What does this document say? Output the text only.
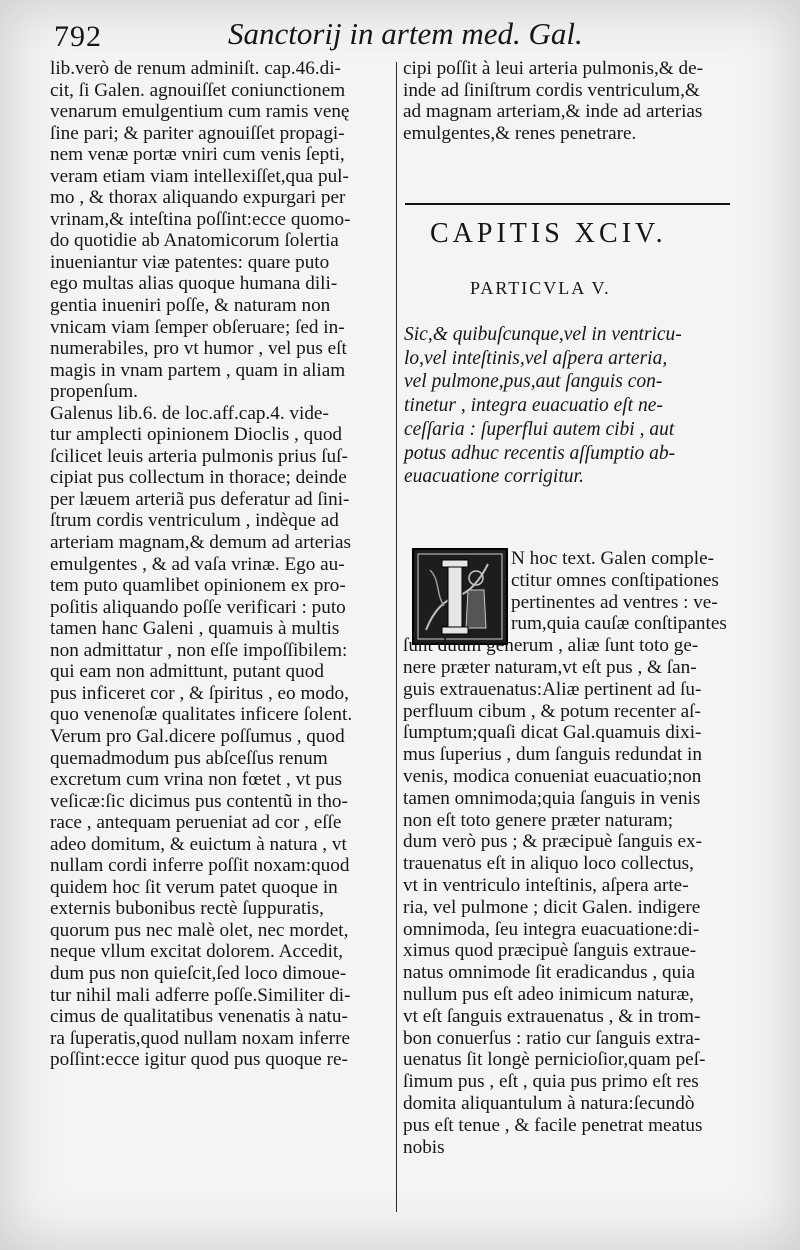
792	Sanctorij in artem med. Gal.
lib.verò de renum adminiſt. cap.46.di-
cit, ſi Galen. agnouiſſet coniunctionem
venarum emulgentium cum ramis venę
ſine pari; & pariter agnouiſſet propagi-
nem venæ portæ vniri cum venis ſepti,
veram etiam viam intellexiſſet,qua pul-
mo , & thorax aliquando expurgari per
vrinam,& inteſtina poſſint:ecce quomo-
do quotidie ab Anatomicorum ſolertia
inueniantur viæ patentes: quare puto
ego multas alias quoque humana dili-
gentia inueniri poſſe, & naturam non
vnicam viam ſemper obſeruare; ſed in-
numerabiles, pro vt humor , vel pus eſt
magis in vnam partem , quam in aliam
propenſum.
Galenus lib.6. de loc.aff.cap.4. vide-
tur amplecti opinionem Dioclis , quod
ſcilicet leuis arteria pulmonis prius ſuſ-
cipiat pus collectum in thorace; deinde
per læuem arteriã pus deferatur ad ſini-
ſtrum cordis ventriculum , indèque ad
arteriam magnam,& demum ad arterias
emulgentes , & ad vaſa vrinæ. Ego au-
tem puto quamlibet opinionem ex pro-
poſitis aliquando poſſe verificari : puto
tamen hanc Galeni , quamuis à multis
non admittatur , non eſſe impoſſibilem:
qui eam non admittunt, putant quod
pus inficeret cor , & ſpiritus , eo modo,
quo venenoſæ qualitates inficere ſolent.
Verum pro Gal.dicere poſſumus , quod
quemadmodum pus abſceſſus renum
excretum cum vrina non fœtet , vt pus
veſicæ:ſic dicimus pus contentũ in tho-
race , antequam perueniat ad cor , eſſe
adeo domitum, & euictum à natura , vt
nullam cordi inferre poſſit noxam:quod
quidem hoc ſit verum patet quoque in
externis bubonibus rectè ſuppuratis,
quorum pus nec malè olet, nec mordet,
neque vllum excitat dolorem. Accedit,
dum pus non quieſcit,ſed loco dimoue-
tur nihil mali adferre poſſe.Similiter di-
cimus de qualitatibus venenatis à natu-
ra ſuperatis,quod nullam noxam inferre
poſſint:ecce igitur quod pus quoque re-
cipi poſſit à leui arteria pulmonis,& de-
inde ad ſiniſtrum cordis ventriculum,&
ad magnam arteriam,& inde ad arterias
emulgentes,& renes penetrare.
CAPITIS XCIV.
PARTICVLA V.
Sic,& quibuſcunque,vel in ventricu-
lo,vel inteſtinis,vel aſpera arteria,
vel pulmone,pus,aut ſanguis con-
tinetur , integra euacuatio eſt ne-
ceſſaria : ſuperflui autem cibi , aut
potus adhuc recentis aſſumptio ab-
euacuatione corrigitur.
N hoc text. Galen comple-
ctitur omnes conſtipationes
pertinentes ad ventres : ve-
rum,quia cauſæ conſtipantes
ſunt duum generum , aliæ ſunt toto ge-
nere præter naturam,vt eſt pus , & ſan-
guis extrauenatus:Aliæ pertinent ad ſu-
perfluum cibum , & potum recenter aſ-
ſumptum;quaſi dicat Gal.quamuis dixi-
mus ſuperius , dum ſanguis redundat in
venis, modica conueniat euacuatio;non
tamen omnimoda;quia ſanguis in venis
non eſt toto genere præter naturam;
dum verò pus ; & præcipuè ſanguis ex-
trauenatus eſt in aliquo loco collectus,
vt in ventriculo inteſtinis, aſpera arte-
ria, vel pulmone ; dicit Galen. indigere
omnimoda, ſeu integra euacuatione:di-
ximus quod præcipuè ſanguis extraue-
natus omnimode ſit eradicandus , quia
nullum pus eſt adeo inimicum naturæ,
vt eſt ſanguis extrauenatus , & in trom-
bon conuerſus : ratio cur ſanguis extra-
uenatus ſit longè pernicioſior,quam peſ-
ſimum pus , eſt , quia pus primo eſt res
domita aliquantulum à natura:ſecundò
pus eſt tenue , & facile penetrat meatus
nobis
